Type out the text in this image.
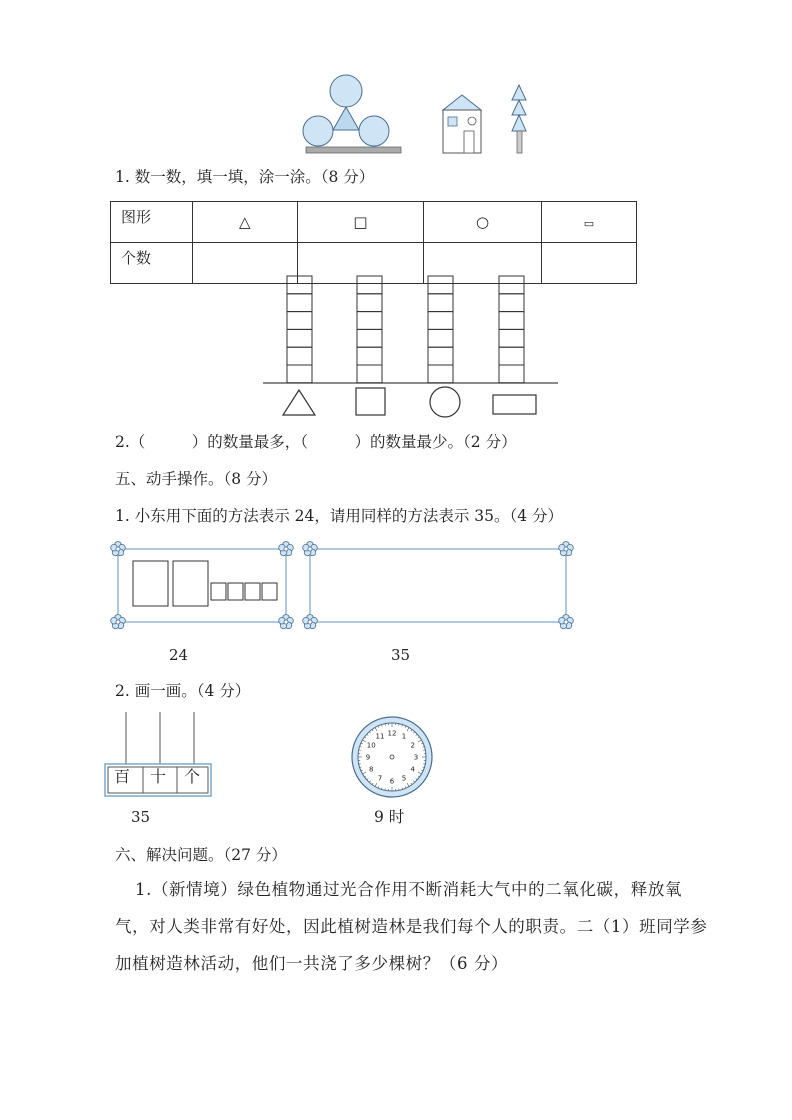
1. 数一数，填一填，涂一涂。（8 分）
图形	△	□	○	▭
个数				
2.（　　　）的数量最多，（　　　）的数量最少。（2 分）
五、动手操作。（8 分）
1. 小东用下面的方法表示 24，请用同样的方法表示 35。（4 分）
24	35
2. 画一画。（4 分）
百 十 个
35
12 1
2
3
4
5
6
7
8
9
10
11
9 时
六、解决问题。（27 分）
1.（新情境）绿色植物通过光合作用不断消耗大气中的二氧化碳，释放氧
气，对人类非常有好处，因此植树造林是我们每个人的职责。二（1）班同学参
加植树造林活动，他们一共浇了多少棵树？（6 分）
